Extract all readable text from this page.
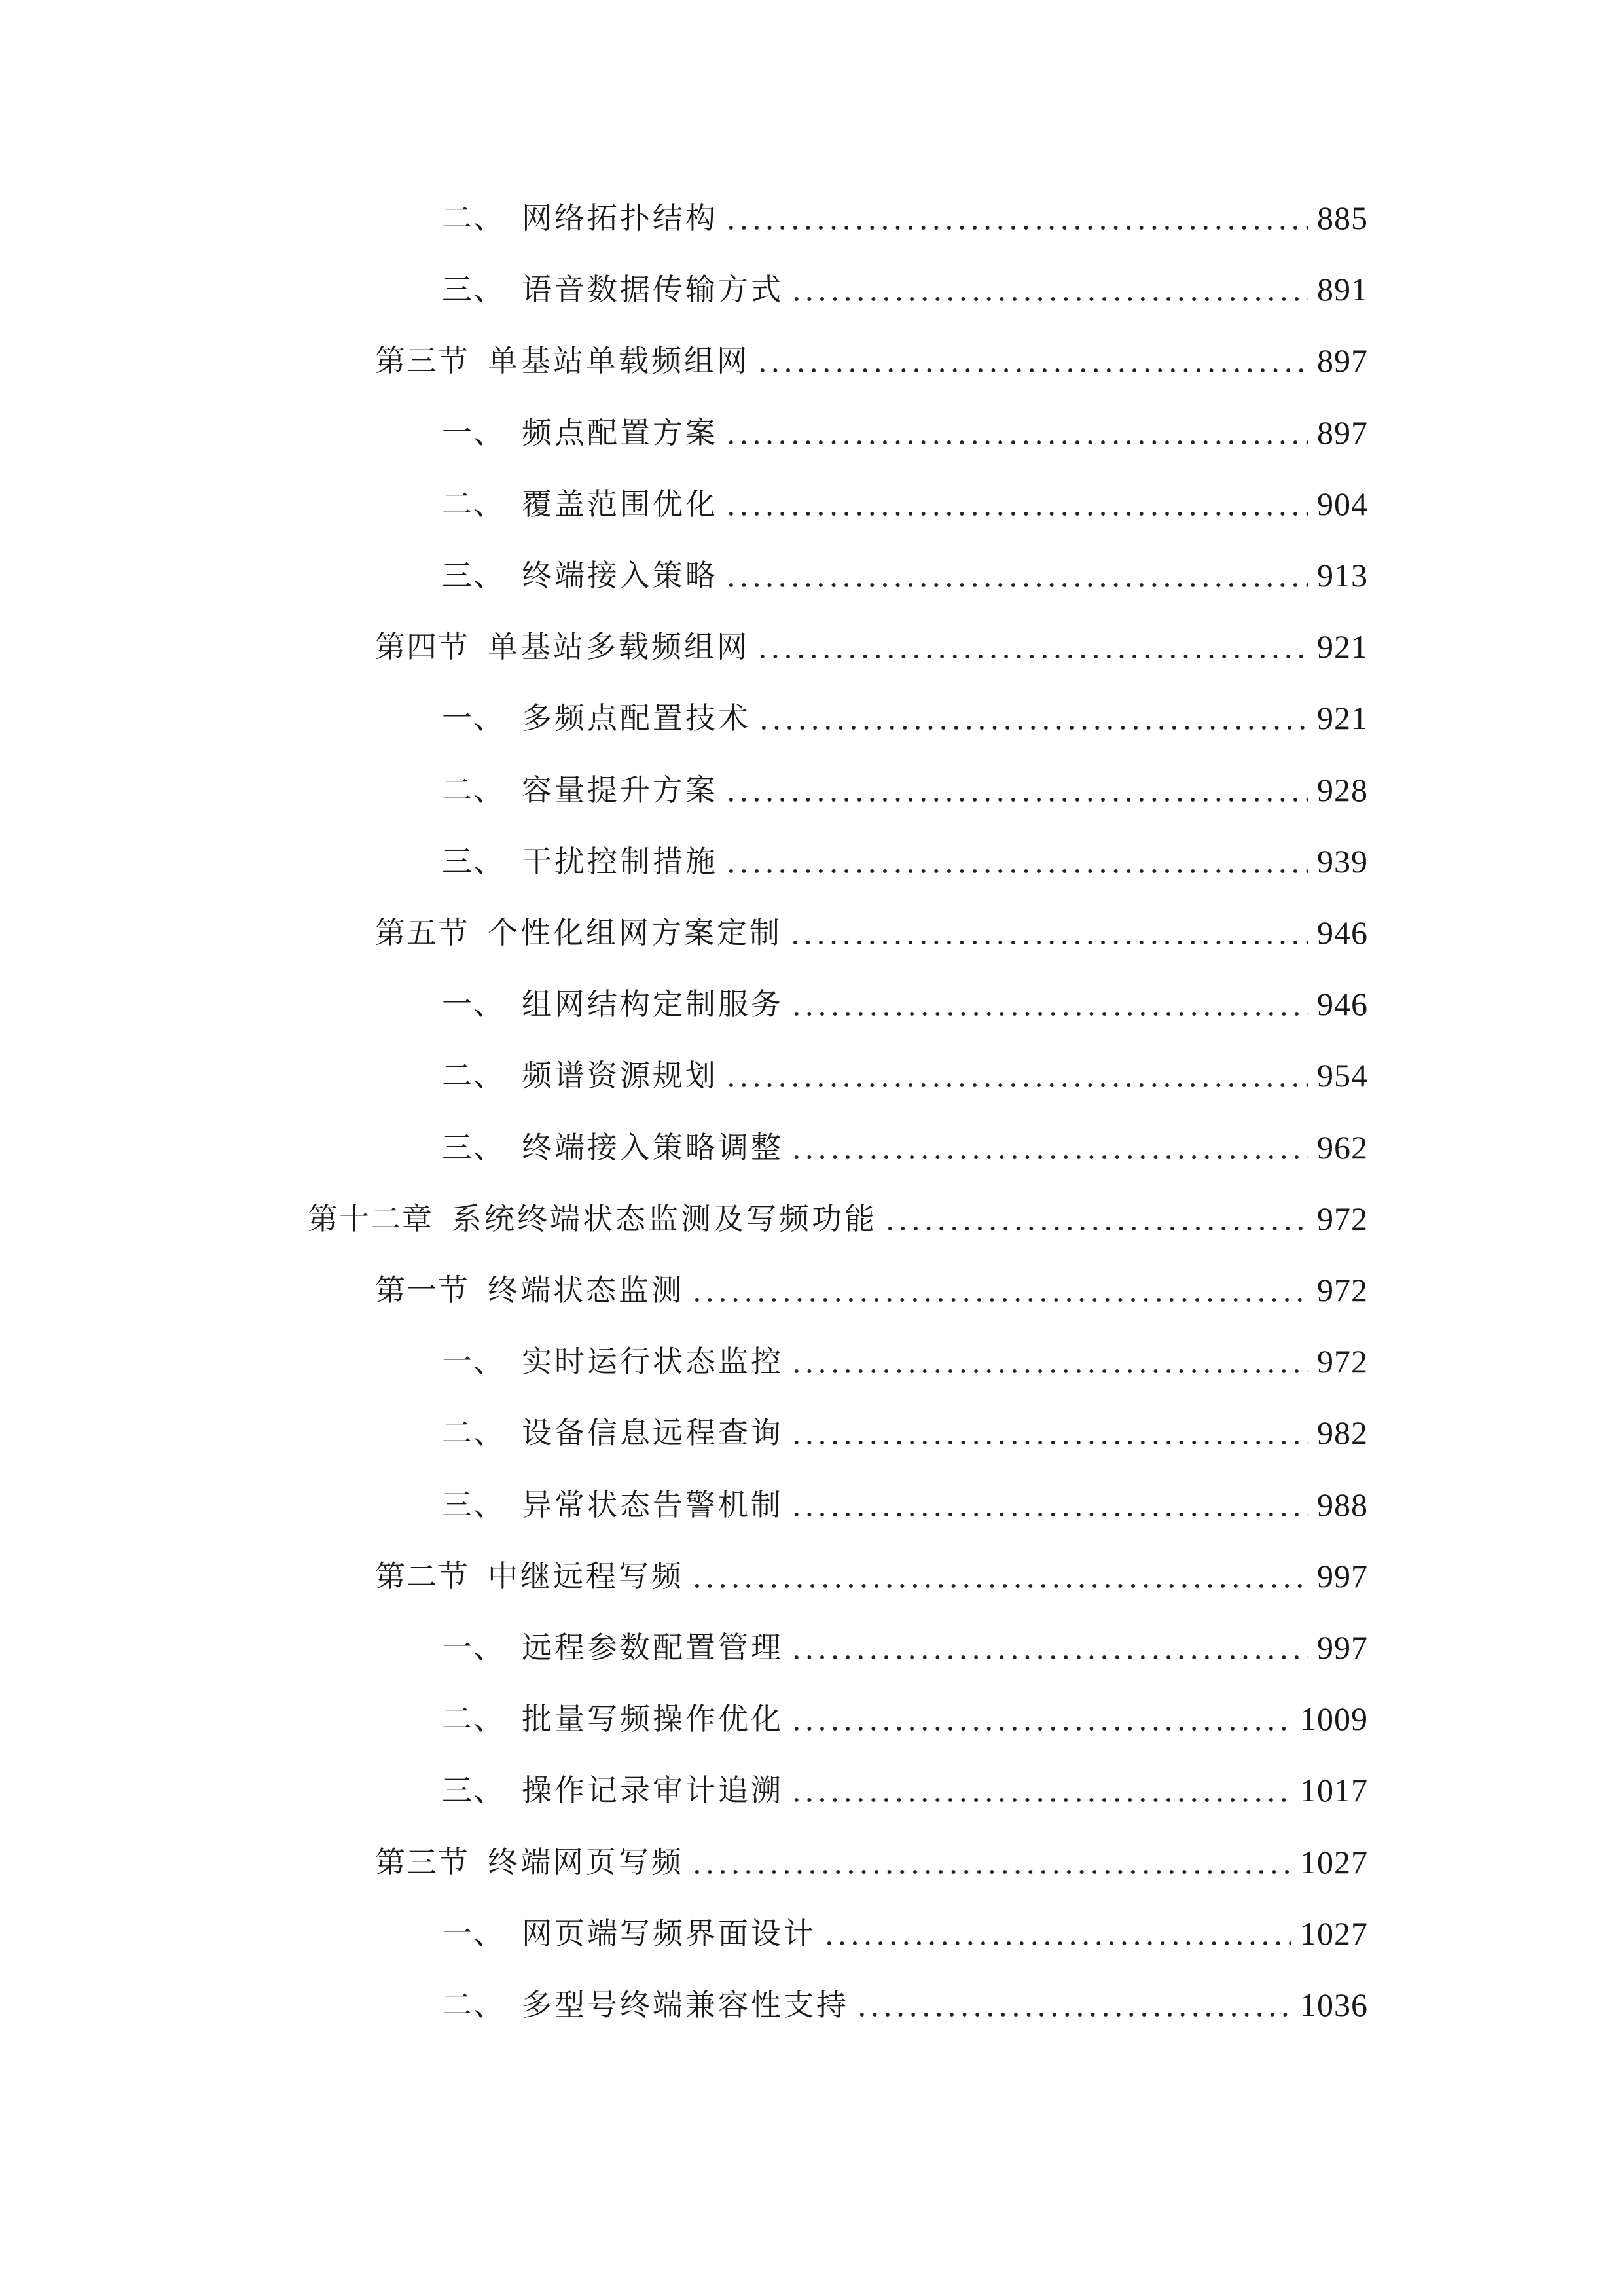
二、 网络拓扑结构	885
三、 语音数据传输方式	891
第三节 单基站单载频组网	897
一、 频点配置方案	897
二、 覆盖范围优化	904
三、 终端接入策略	913
第四节 单基站多载频组网	921
一、 多频点配置技术	921
二、 容量提升方案	928
三、 干扰控制措施	939
第五节 个性化组网方案定制	946
一、 组网结构定制服务	946
二、 频谱资源规划	954
三、 终端接入策略调整	962
第十二章 系统终端状态监测及写频功能	972
第一节 终端状态监测	972
一、 实时运行状态监控	972
二、 设备信息远程查询	982
三、 异常状态告警机制	988
第二节 中继远程写频	997
一、 远程参数配置管理	997
二、 批量写频操作优化	1009
三、 操作记录审计追溯	1017
第三节 终端网页写频	1027
一、 网页端写频界面设计	1027
二、 多型号终端兼容性支持	1036
